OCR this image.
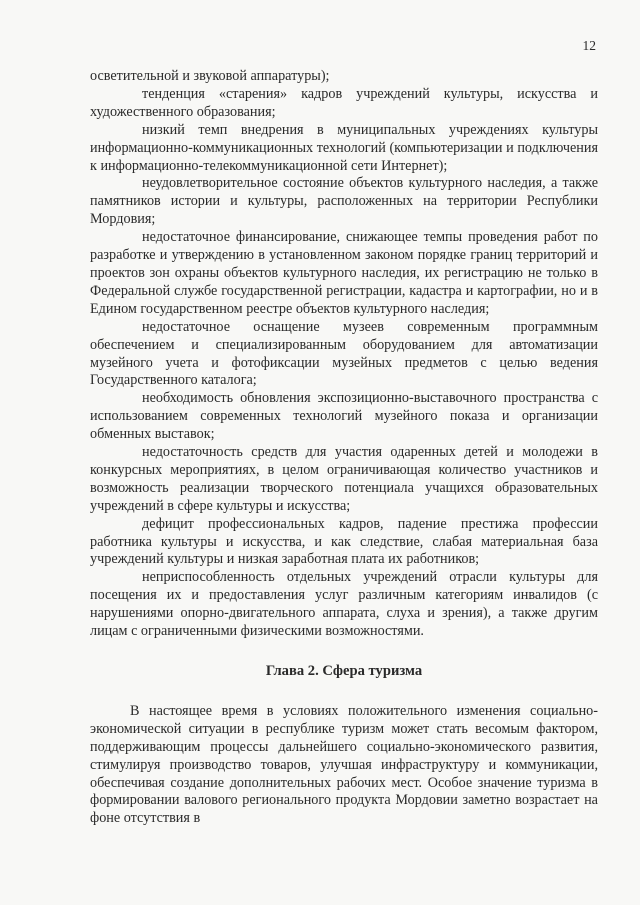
12

осветительной и звуковой аппаратуры);

тенденция «старения» кадров учреждений культуры, искусства и художественного образования;

низкий темп внедрения в муниципальных учреждениях культуры информационно-коммуникационных технологий (компьютеризации и подключения к информационно-телекоммуникационной сети Интернет);

неудовлетворительное состояние объектов культурного наследия, а также памятников истории и культуры, расположенных на территории Республики Мордовия;

недостаточное финансирование, снижающее темпы проведения работ по разработке и утверждению в установленном законом порядке границ территорий и проектов зон охраны объектов культурного наследия, их регистрацию не только в Федеральной службе государственной регистрации, кадастра и картографии, но и в Едином государственном реестре объектов культурного наследия;

недостаточное оснащение музеев современным программным обеспечением и специализированным оборудованием для автоматизации музейного учета и фотофиксации музейных предметов с целью ведения Государственного каталога;

необходимость обновления экспозиционно-выставочного пространства с использованием современных технологий музейного показа и организации обменных выставок;

недостаточность средств для участия одаренных детей и молодежи в конкурсных мероприятиях, в целом ограничивающая количество участников и возможность реализации творческого потенциала учащихся образовательных учреждений в сфере культуры и искусства;

дефицит профессиональных кадров, падение престижа профессии работника культуры и искусства, и как следствие, слабая материальная база учреждений культуры и низкая заработная плата их работников;

неприспособленность отдельных учреждений отрасли культуры для посещения их и предоставления услуг различным категориям инвалидов (с нарушениями опорно-двигательного аппарата, слуха и зрения), а также другим лицам с ограниченными физическими возможностями.

Глава 2. Сфера туризма

В настоящее время в условиях положительного изменения социально-экономической ситуации в республике туризм может стать весомым фактором, поддерживающим процессы дальнейшего социально-экономического развития, стимулируя производство товаров, улучшая инфраструктуру и коммуникации, обеспечивая создание дополнительных рабочих мест. Особое значение туризма в формировании валового регионального продукта Мордовии заметно возрастает на фоне отсутствия в
